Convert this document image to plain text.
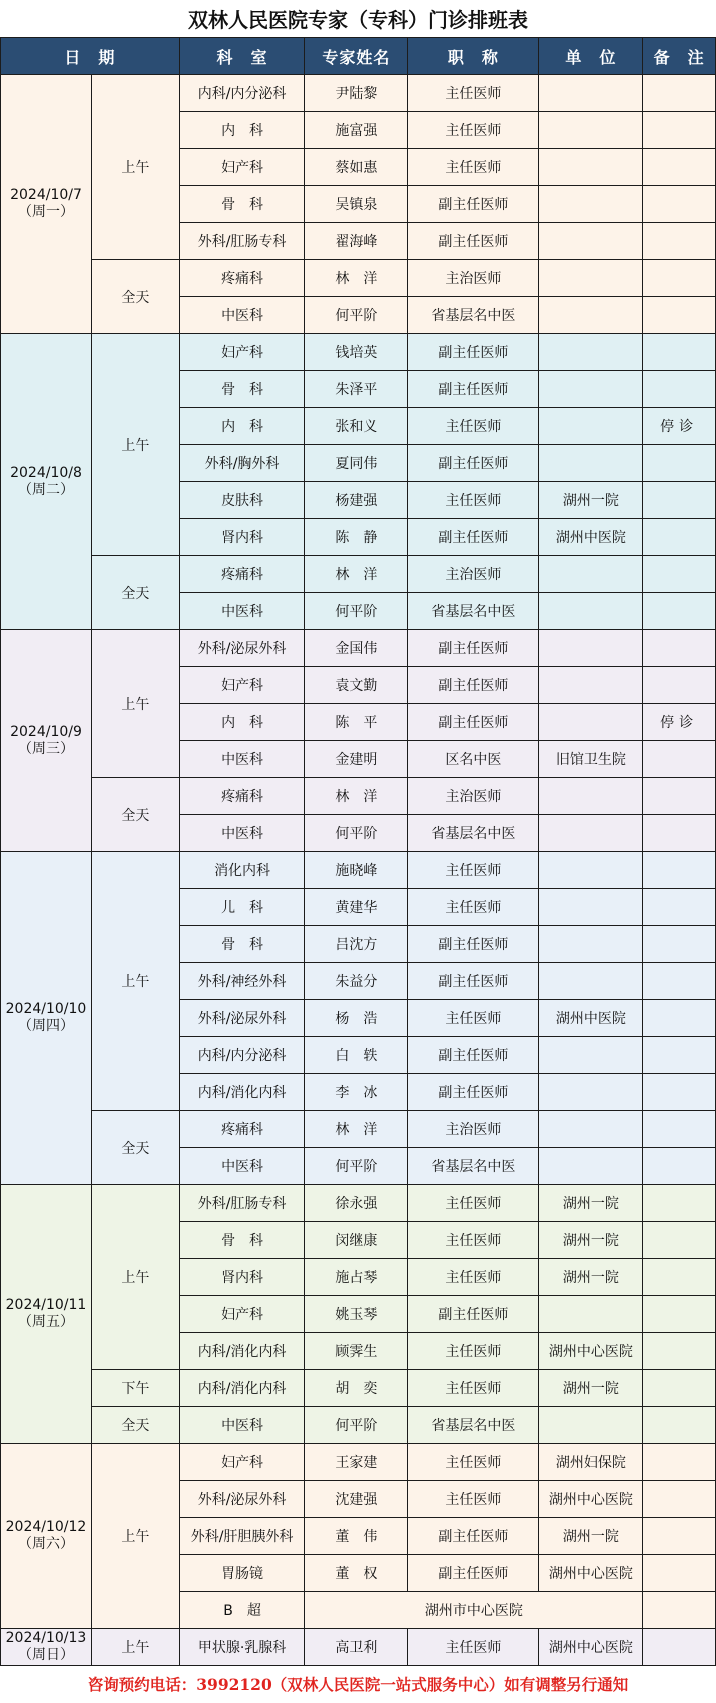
双林人民医院专家（专科）门诊排班表
日　期		科　室	专家姓名	职　称	单　位	备　注

2024/10/7
（周一）	上午	内科/内分泌科	尹陆黎	主任医师		
		内　科	施富强	主任医师		
		妇产科	蔡如惠	主任医师		
		骨　科	吴镇泉	副主任医师		
		外科/肛肠专科	翟海峰	副主任医师		
	全天	疼痛科	林　洋	主治医师		
		中医科	何平阶	省基层名中医		

2024/10/8
（周二）	上午	妇产科	钱培英	副主任医师		
		骨　科	朱泽平	副主任医师		
		内　科	张和义	主任医师		停诊
		外科/胸外科	夏同伟	副主任医师		
		皮肤科	杨建强	主任医师	湖州一院	
		肾内科	陈　静	副主任医师	湖州中医院	
	全天	疼痛科	林　洋	主治医师		
		中医科	何平阶	省基层名中医		

2024/10/9
（周三）	上午	外科/泌尿外科	金国伟	副主任医师		
		妇产科	袁文勤	副主任医师		
		内　科	陈　平	副主任医师		停诊
		中医科	金建明	区名中医	旧馆卫生院	
	全天	疼痛科	林　洋	主治医师		
		中医科	何平阶	省基层名中医		

2024/10/10
（周四）	上午	消化内科	施晓峰	主任医师		
		儿　科	黄建华	主任医师		
		骨　科	吕沈方	副主任医师		
		外科/神经外科	朱益分	副主任医师		
		外科/泌尿外科	杨　浩	主任医师	湖州中医院	
		内科/内分泌科	白　轶	副主任医师		
		内科/消化内科	李　冰	副主任医师		
	全天	疼痛科	林　洋	主治医师		
		中医科	何平阶	省基层名中医		

2024/10/11
（周五）	上午	外科/肛肠专科	徐永强	主任医师	湖州一院	
		骨　科	闵继康	主任医师	湖州一院	
		肾内科	施占琴	主任医师	湖州一院	
		妇产科	姚玉琴	副主任医师		
		内科/消化内科	顾霁生	主任医师	湖州中心医院	
	下午	内科/消化内科	胡　奕	主任医师	湖州一院	
	全天	中医科	何平阶	省基层名中医		

2024/10/12
（周六）	上午	妇产科	王家建	主任医师	湖州妇保院	
		外科/泌尿外科	沈建强	主任医师	湖州中心医院	
		外科/肝胆胰外科	董　伟	副主任医师	湖州一院	
		胃肠镜	董　权	副主任医师	湖州中心医院	
		B　超	湖州市中心医院			

2024/10/13
（周日）	上午	甲状腺·乳腺科	高卫利	主任医师	湖州中心医院	
咨询预约电话：3992120（双林人民医院一站式服务中心）如有调整另行通知
